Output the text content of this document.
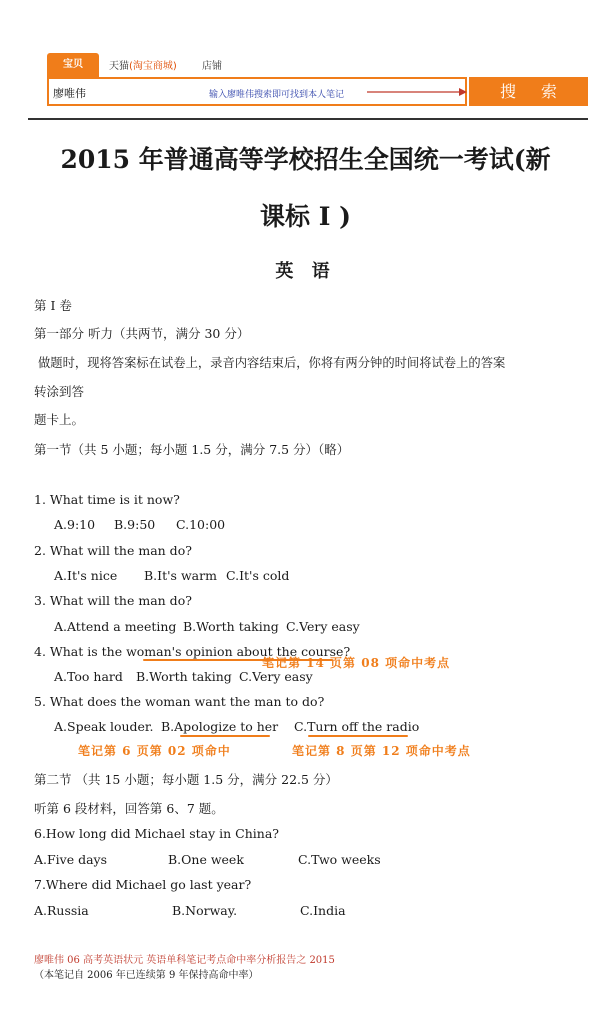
宝贝	天猫(淘宝商城)	店铺
廖唯伟	输入廖唯伟搜索即可找到本人笔记	搜 索
2015 年普通高等学校招生全国统一考试(新
课标 I )
英 语
第 I 卷
第一部分 听力（共两节，满分 30 分）
做题时，现将答案标在试卷上，录音内容结束后，你将有两分钟的时间将试卷上的答案
转涂到答
题卡上。
第一节（共 5 小题；每小题 1.5 分，满分 7.5 分）（略）
1. What time is it now?
A.9:10 B.9:50 C.10:00
2. What will the man do?
A.It's nice B.It's warm C.It's cold
3. What will the man do?
A.Attend a meeting B.Worth taking C.Very easy
4. What is the woman's opinion about the course?
笔记第 14 页第 08 项命中考点
A.Too hard B.Worth taking C.Very easy
5. What does the woman want the man to do?
A.Speak louder. B.Apologize to her C.Turn off the radio
笔记第 6 页第 02 项命中	笔记第 8 页第 12 项命中考点
第二节 （共 15 小题；每小题 1.5 分，满分 22.5 分）
听第 6 段材料，回答第 6、7 题。
6.How long did Michael stay in China?
A.Five days	B.One week	C.Two weeks
7.Where did Michael go last year?
A.Russia	B.Norway.	C.India
廖唯伟 06 高考英语状元 英语单科笔记考点命中率分析报告之 2015
（本笔记自 2006 年已连续第 9 年保持高命中率）
